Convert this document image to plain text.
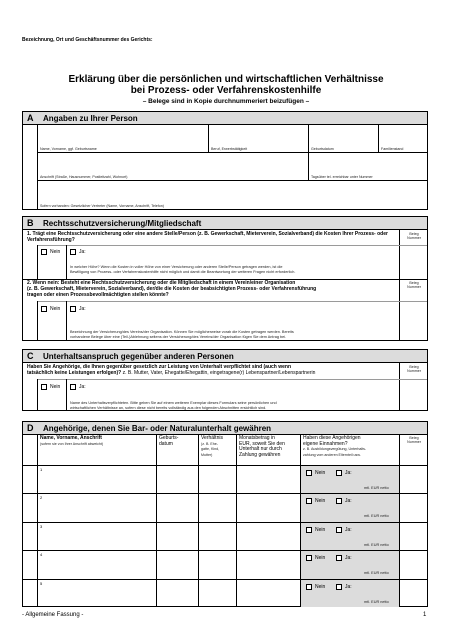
Bezeichnung, Ort und Geschäftsnummer des Gerichts:
Erklärung über die persönlichen und wirtschaftlichen Verhältnisse
bei Prozess- oder Verfahrenskostenhilfe
– Belege sind in Kopie durchnummeriert beizufügen –
A Angaben zu Ihrer Person
Name, Vorname, ggf. Geburtsname	Beruf, Erwerbstätigkeit	Geburtsdatum	Familienstand
Anschrift (Straße, Hausnummer, Postleitzahl, Wohnort)	Tagsüber tel. erreichbar unter Nummer
Sofern vorhanden: Gesetzlicher Vertreter (Name, Vorname, Anschrift, Telefon)
B Rechtsschutzversicherung/Mitgliedschaft
Beleg
Nummer
1. Trägt eine Rechtsschutzversicherung oder eine andere Stelle/Person (z. B. Gewerkschaft, Mieterverein, Sozialverband) die Kosten Ihrer Prozess- oder Verfahrensführung?
Nein	Ja:
In welcher Höhe? Wenn die Kosten in voller Höhe von einer Versicherung oder anderen Stelle/Person getragen werden, ist die
Bewilligung von Prozess- oder Verfahrenskostenhilfe nicht möglich und damit die Beantwortung der weiteren Fragen nicht erforderlich.
Beleg
Nummer
2. Wenn nein: Besteht eine Rechtsschutzversicherung oder die Mitgliedschaft in einem Verein/einer Organisation
(z. B. Gewerkschaft, Mieterverein, Sozialverband), der/die die Kosten der beabsichtigten Prozess- oder Verfahrensführung
tragen oder einen Prozessbevollmächtigten stellen könnte?
Nein	Ja:
Bezeichnung der Versicherung/des Vereins/der Organisation. Können Sie möglicherweise vorab die Kosten getragen werden. Bereits
vorhandene Belege über eine (Teil-)Ablehnung seitens der Versicherung/des Vereins/der Organisation fügen Sie dem Antrag bei.
C Unterhaltsanspruch gegenüber anderen Personen
Beleg
Nummer
Haben Sie Angehörige, die Ihnen gegenüber gesetzlich zur Leistung von Unterhalt verpflichtet sind (auch wenn
tatsächlich keine Leistungen erfolgen)? z. B. Mutter, Vater, Ehegatte/Ehegattin, eingetragene(r) Lebenspartner/Lebenspartnerin
Nein	Ja:
Name des Unterhaltsverpflichteten. Bitte geben Sie auf einem weiteren Exemplar dieses Formulars seine persönlichen und
wirtschaftlichen Verhältnisse an, sofern diese nicht bereits vollständig aus den folgenden Abschnitten ersichtlich sind.
D Angehörige, denen Sie Bar- oder Naturalunterhalt gewähren
Name, Vorname, Anschrift
(sofern sie von Ihrer Anschrift abweicht)
Geburts-
datum
Verhältnis
(z. B. Ehe-
gatte, Kind,
Mutter)
Monatsbetrag in
EUR, soweit Sie den
Unterhalt nur durch
Zahlung gewähren
Haben diese Angehörigen
eigene Einnahmen?
z. B. Ausbildungsvergütung, Unterhalts-
zahlung vom anderen Elternteil usw.
Beleg
Nummer
1
Nein	Ja:
mtl. EUR netto
2
Nein	Ja:
mtl. EUR netto
3
Nein	Ja:
mtl. EUR netto
4
Nein	Ja:
mtl. EUR netto
5
Nein	Ja:
mtl. EUR netto
- Allgemeine Fassung -	1
